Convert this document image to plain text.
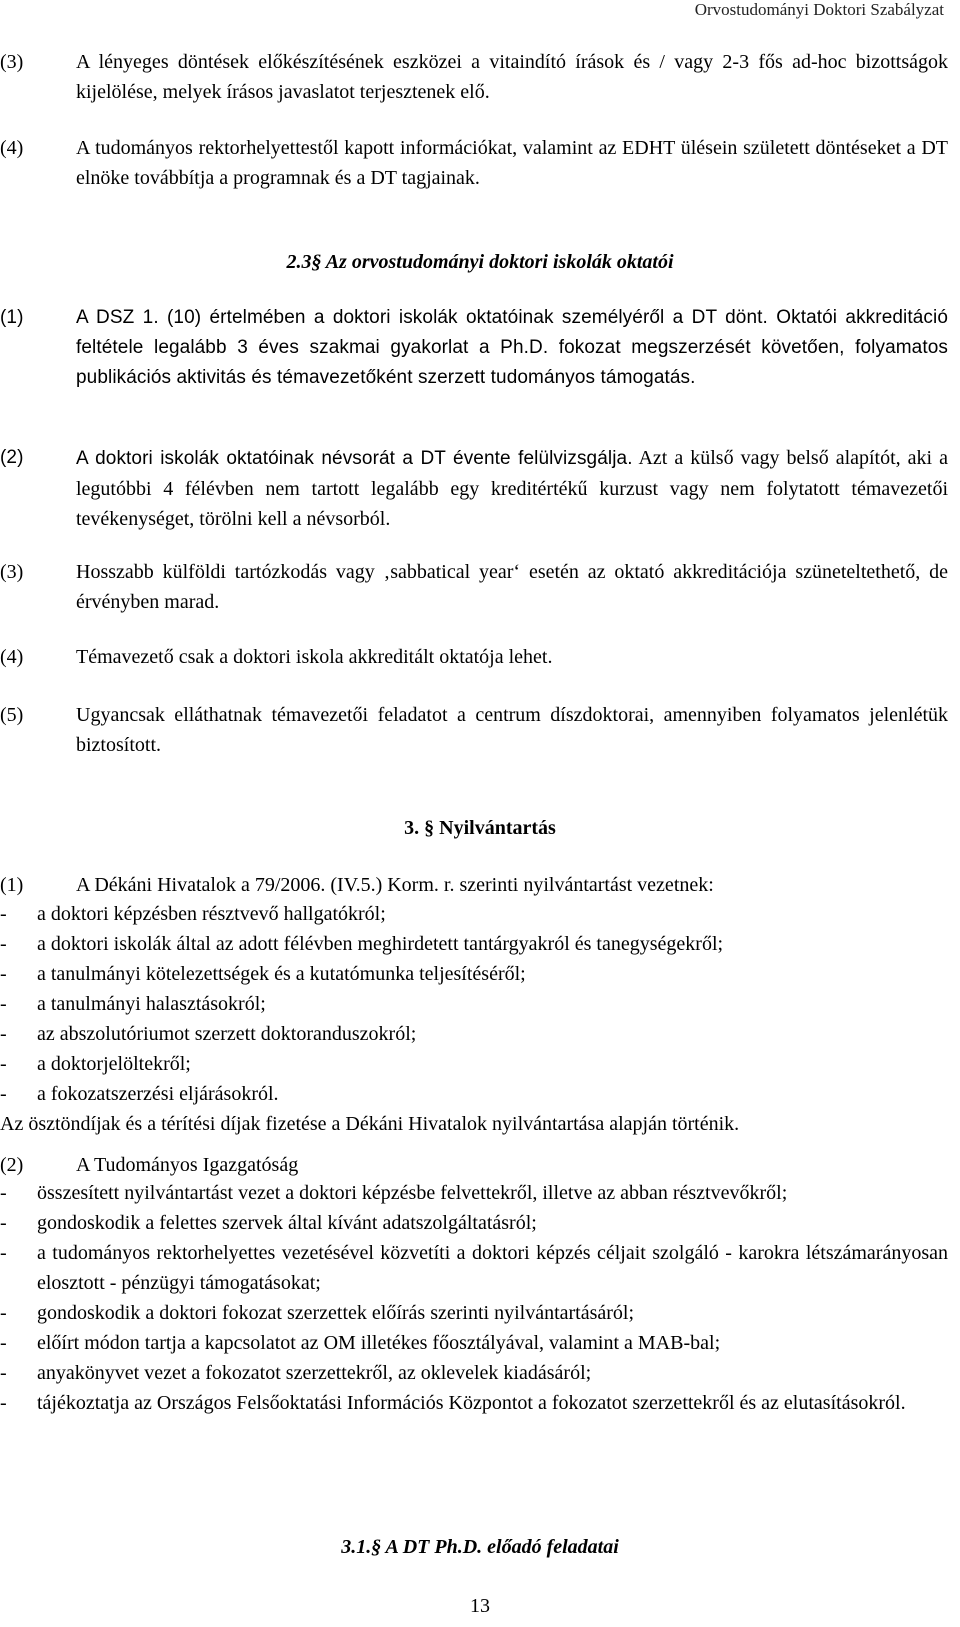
Orvostudományi Doktori Szabályzat
(3)	A lényeges döntések előkészítésének eszközei a vitaindító írások és / vagy 2-3 fős ad-hoc bizottságok kijelölése, melyek írásos javaslatot terjesztenek elő.
(4)	A tudományos rektorhelyettestől kapott információkat, valamint az EDHT ülésein született döntéseket a DT elnöke továbbítja a programnak és a DT tagjainak.
2.3§ Az orvostudományi doktori iskolák oktatói
(1)	A DSZ 1. (10) értelmében a doktori iskolák oktatóinak személyéről a DT dönt. Oktatói akkreditáció feltétele legalább 3 éves szakmai gyakorlat a Ph.D. fokozat megszerzését követően, folyamatos publikációs aktivitás és témavezetőként szerzett tudományos támogatás.
(2)	A doktori iskolák oktatóinak névsorát a DT évente felülvizsgálja. Azt a külső vagy belső alapítót, aki a legutóbbi 4 félévben nem tartott legalább egy kreditértékű kurzust vagy nem folytatott témavezetői tevékenységet, törölni kell a névsorból.
(3)	Hosszabb külföldi tartózkodás vagy ‚sabbatical year‘ esetén az oktató akkreditációja szüneteltethető, de érvényben marad.
(4)	Témavezető csak a doktori iskola akkreditált oktatója lehet.
(5)	Ugyancsak elláthatnak témavezetői feladatot a centrum díszdoktorai, amennyiben folyamatos jelenlétük biztosított.
3. § Nyilvántartás
(1)	A Dékáni Hivatalok a 79/2006. (IV.5.) Korm. r. szerinti nyilvántartást vezetnek:
- a doktori képzésben résztvevő hallgatókról;
- a doktori iskolák által az adott félévben meghirdetett tantárgyakról és tanegységekről;
- a tanulmányi kötelezettségek és a kutatómunka teljesítéséről;
- a tanulmányi halasztásokról;
- az abszolutóriumot szerzett doktoranduszokról;
- a doktorjelöltekről;
- a fokozatszerzési eljárásokról.
Az ösztöndíjak és a térítési díjak fizetése a Dékáni Hivatalok nyilvántartása alapján történik.
(2)	A Tudományos Igazgatóság
- összesített nyilvántartást vezet a doktori képzésbe felvettekről, illetve az abban résztvevőkről;
- gondoskodik a felettes szervek által kívánt adatszolgáltatásról;
- a tudományos rektorhelyettes vezetésével közvetíti a doktori képzés céljait szolgáló - karokra létszámarányosan elosztott - pénzügyi támogatásokat;
- gondoskodik a doktori fokozat szerzettek előírás szerinti nyilvántartásáról;
- előírt módon tartja a kapcsolatot az OM illetékes főosztályával, valamint a MAB-bal;
- anyakönyvet vezet a fokozatot szerzettekről, az oklevelek kiadásáról;
- tájékoztatja az Országos Felsőoktatási Információs Központot a fokozatot szerzettekről és az elutasításokról.
3.1.§ A DT Ph.D. előadó feladatai
13
